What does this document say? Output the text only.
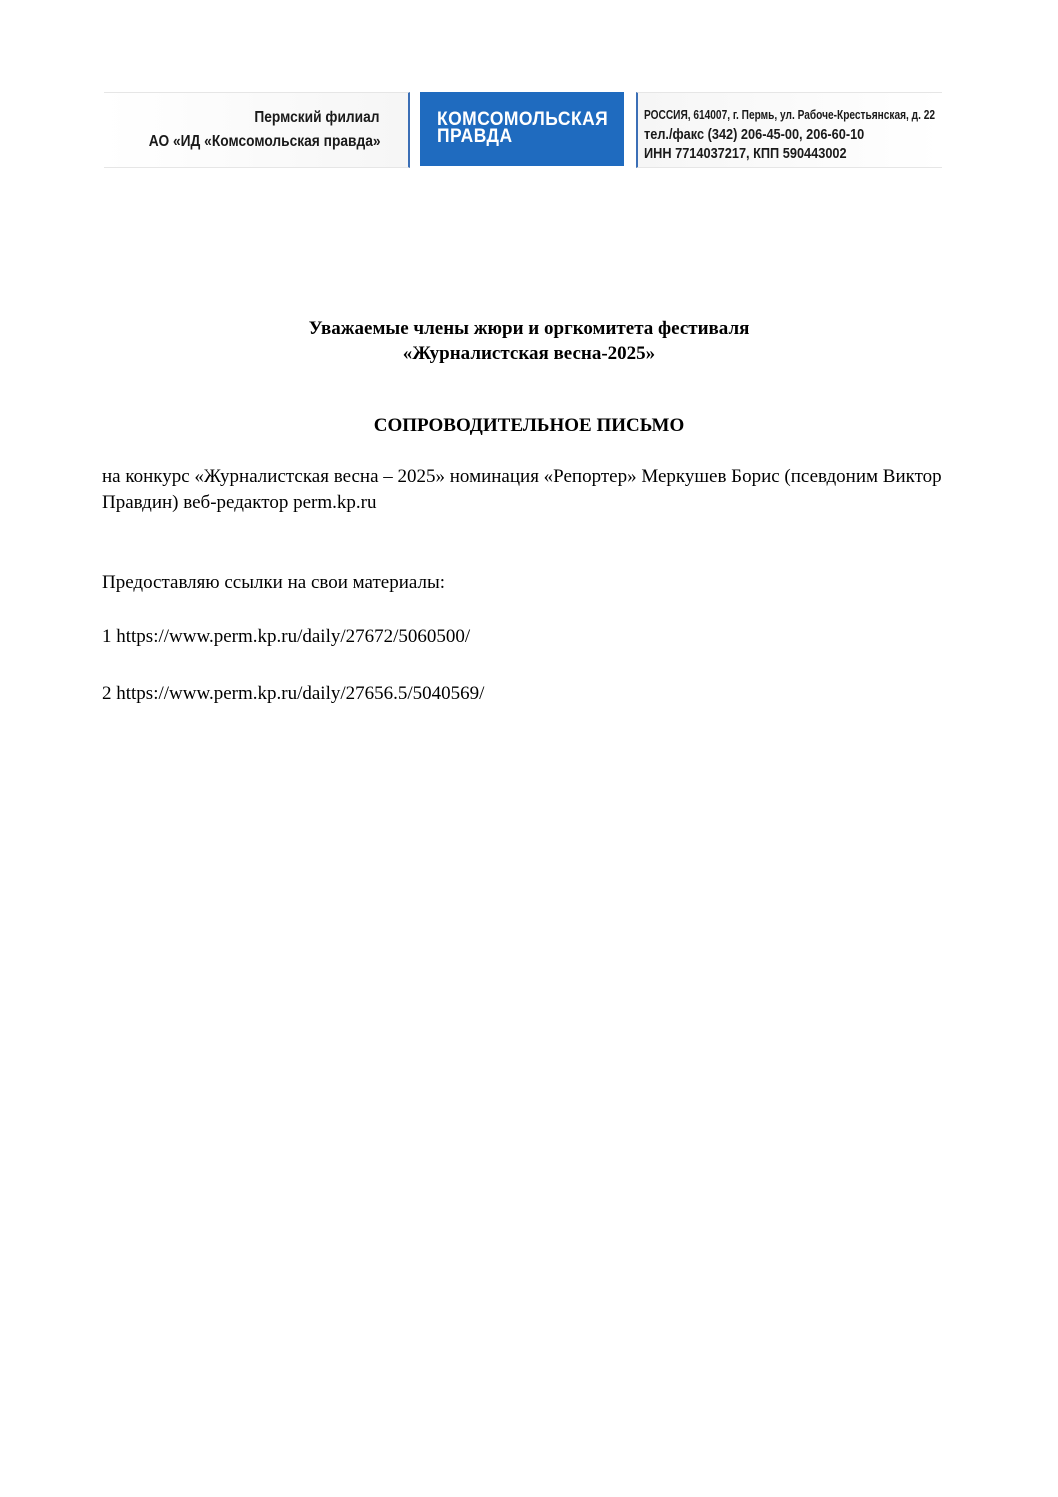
Пермский филиал
АО «ИД «Комсомольская правда»
КОМСОМОЛЬСКАЯ
ПРАВДА
РОССИЯ, 614007, г. Пермь, ул. Рабоче-Крестьянская, д. 22
тел./факс (342) 206-45-00, 206-60-10
ИНН 7714037217, КПП 590443002
Уважаемые члены жюри и оргкомитета фестиваля
«Журналистская весна-2025»
СОПРОВОДИТЕЛЬНОЕ ПИСЬМО
на конкурс «Журналистская весна – 2025» номинация «Репортер» Меркушев Борис (псевдоним Виктор Правдин) веб-редактор perm.kp.ru
Предоставляю ссылки на свои материалы:
1 https://www.perm.kp.ru/daily/27672/5060500/
2 https://www.perm.kp.ru/daily/27656.5/5040569/
